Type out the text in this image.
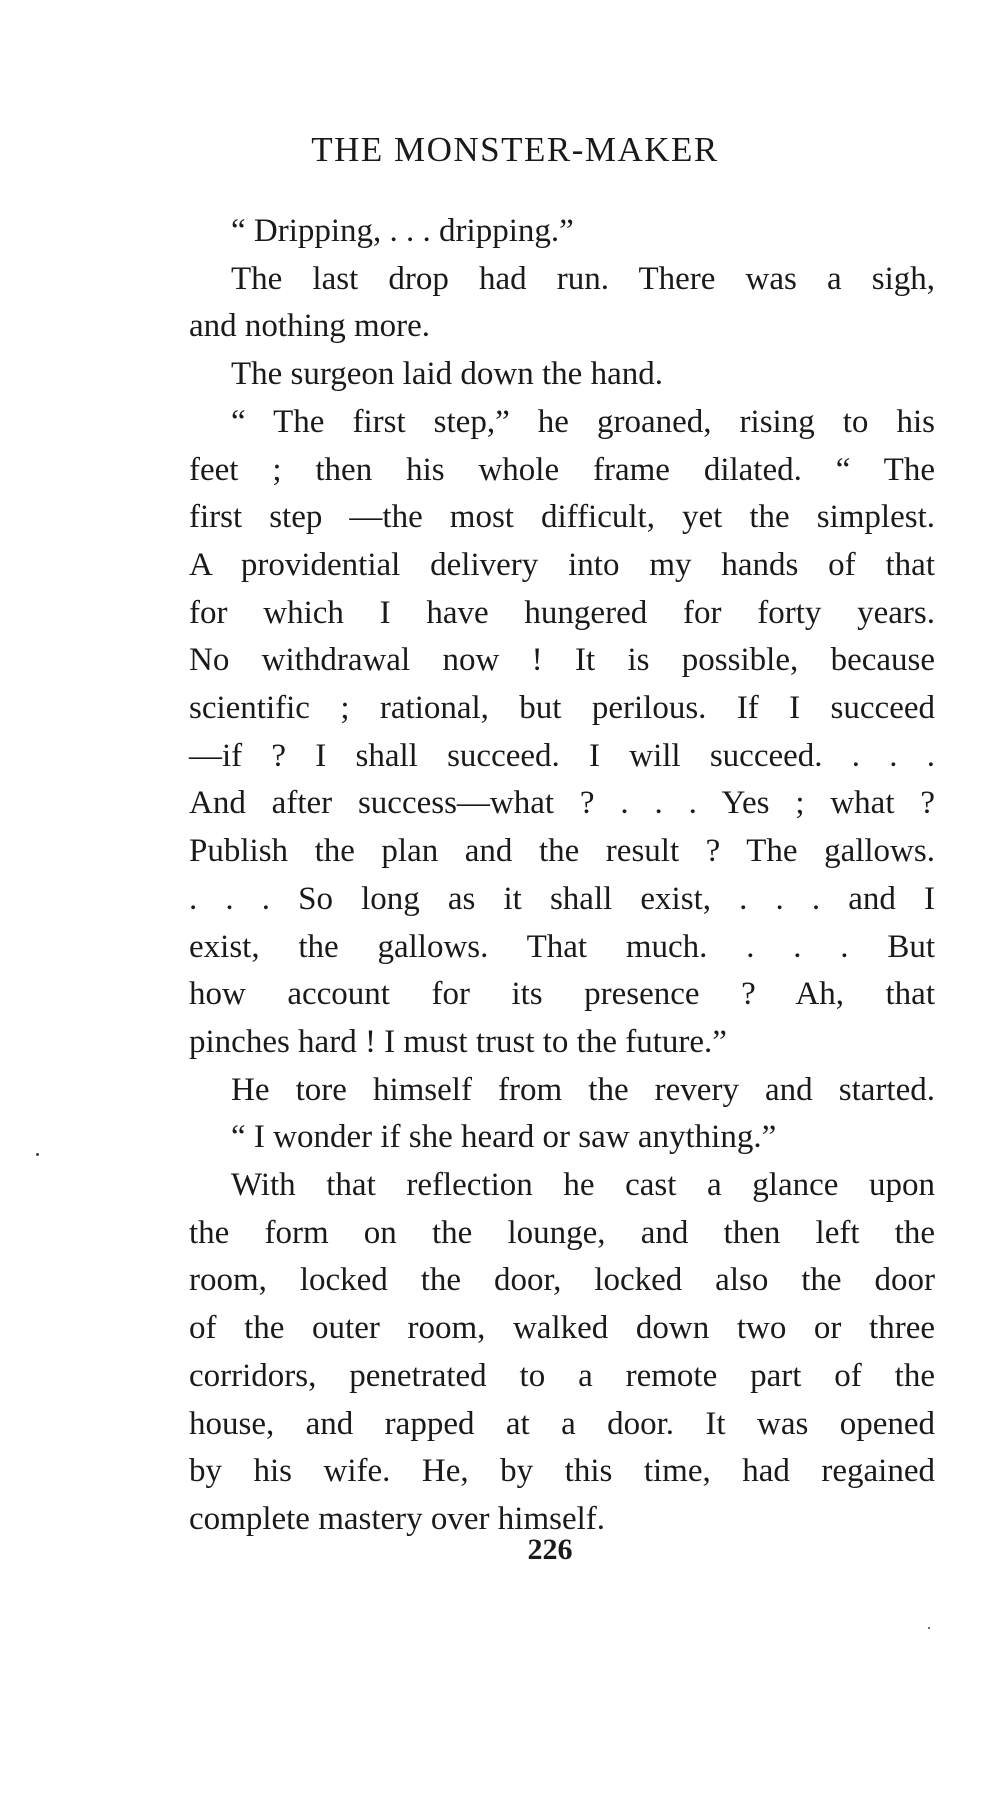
THE MONSTER-MAKER

“ Dripping, . . . dripping.”

The last drop had run. There was a sigh,
and nothing more.

The surgeon laid down the hand.

“ The first step,” he groaned, rising to his
feet ; then his whole frame dilated. “ The
first step —the most difficult, yet the simplest.
A providential delivery into my hands of that
for which I have hungered for forty years.
No withdrawal now ! It is possible, because
scientific ; rational, but perilous. If I succeed
—if ? I shall succeed. I will succeed. . . .
And after success—what ? . . . Yes ; what ?
Publish the plan and the result ? The gallows.
. . . So long as it shall exist, . . . and I
exist, the gallows. That much. . . . But
how account for its presence ? Ah, that
pinches hard ! I must trust to the future.”

He tore himself from the revery and started.

“ I wonder if she heard or saw anything.”

With that reflection he cast a glance upon
the form on the lounge, and then left the
room, locked the door, locked also the door
of the outer room, walked down two or three
corridors, penetrated to a remote part of the
house, and rapped at a door. It was opened
by his wife. He, by this time, had regained
complete mastery over himself.

226
